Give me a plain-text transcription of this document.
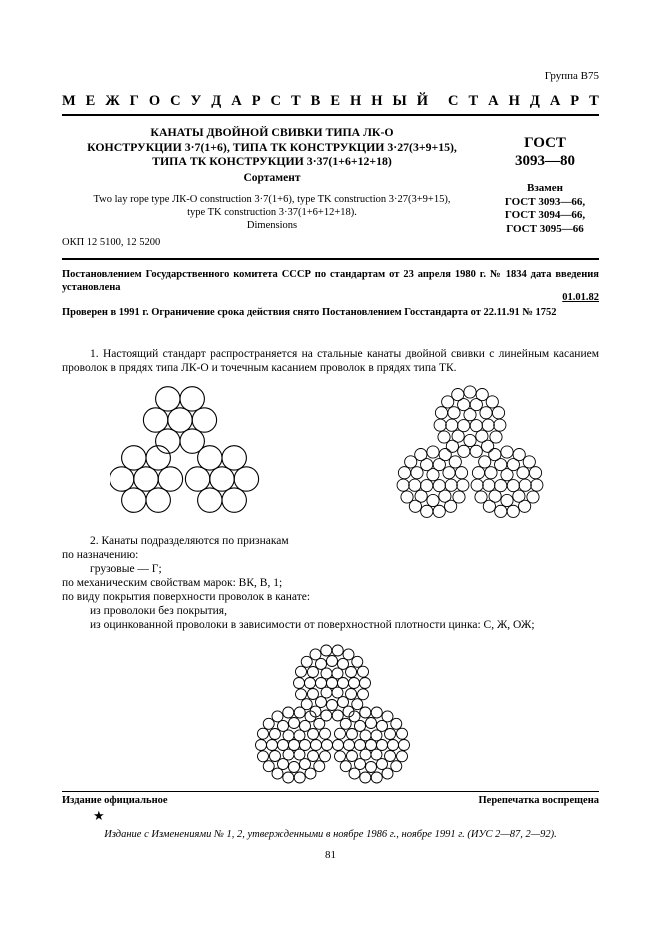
Группа В75
М Е Ж Г О С У Д А Р С Т В Е Н Н Ы Й С Т А Н Д А Р Т
КАНАТЫ ДВОЙНОЙ СВИВКИ ТИПА ЛК-О
КОНСТРУКЦИИ 3·7(1+6), ТИПА ТК КОНСТРУКЦИИ 3·27(3+9+15),
ТИПА ТК КОНСТРУКЦИИ 3·37(1+6+12+18)
Сортамент
Two lay rope type ЛК-О construction 3·7(1+6), type TK construction 3·27(3+9+15),
type TK construction 3·37(1+6+12+18).
Dimensions
ГОСТ
3093—80
Взамен
ГОСТ 3093—66,
ГОСТ 3094—66,
ГОСТ 3095—66
ОКП 12 5100, 12 5200
Постановлением Государственного комитета СССР по стандартам от 23 апреля 1980 г. № 1834 дата введения установлена
01.01.82
Проверен в 1991 г. Ограничение срока действия снято Постановлением Госстандарта от 22.11.91 № 1752
1. Настоящий стандарт распространяется на стальные канаты двойной свивки с линейным касанием проволок в прядях типа ЛК-О и точечным касанием проволок в прядях типа ТК.
2. Канаты подразделяются по признакам
по назначению:
грузовые — Г;
по механическим свойствам марок: ВК, В, 1;
по виду покрытия поверхности проволок в канате:
из проволоки без покрытия,
из оцинкованной проволоки в зависимости от поверхностной плотности цинка: С, Ж, ОЖ;
Издание официальное	Перепечатка воспрещена
★
Издание с Изменениями № 1, 2, утвержденными в ноябре 1986 г., ноябре 1991 г. (ИУС 2—87, 2—92).
81
